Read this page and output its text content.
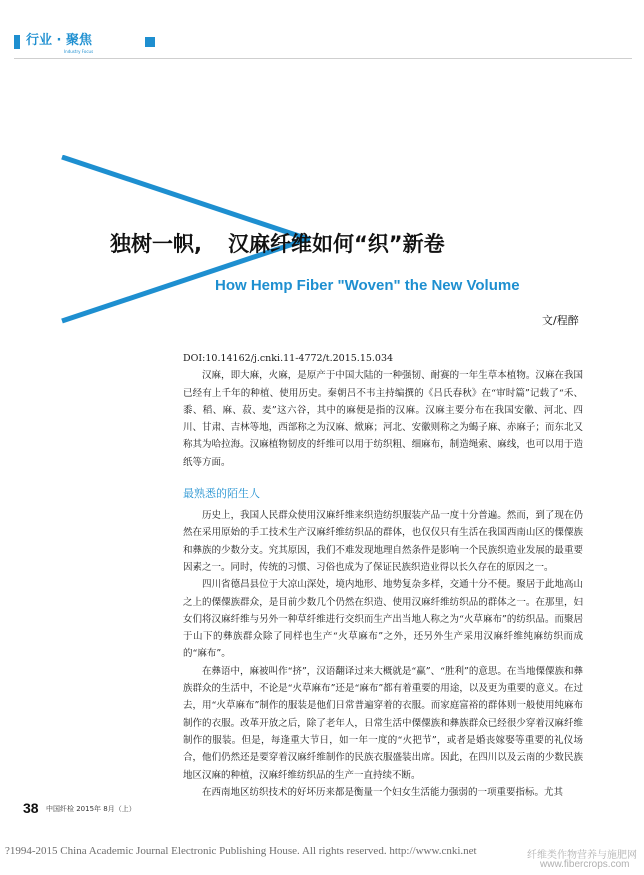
行业 · 聚焦
Industry Focus
独树一帜, 汉麻纤维如何“织”新卷
How Hemp Fiber "Woven" the New Volume
文/程醉
DOI:10.14162/j.cnki.11-4772/t.2015.15.034

汉麻，即大麻，火麻，是原产于中国大陆的一种强韧、耐赛的一年生草本植物。汉麻在我国已经有上千年的种植、使用历史。秦朝吕不韦主持编撰的《吕氏春秋》在“审时篇”记载了“禾、黍、稻、麻、菽、麦”这六谷，其中的麻便是指的汉麻。汉麻主要分布在我国安徽、河北、四川、甘肃、吉林等地，西部称之为汉麻、焮麻；河北、安徽则称之为蝎子麻、赤麻子；而东北又称其为哈拉海。汉麻植物韧皮的纤维可以用于纺织粗、细麻布，制造绳索、麻线，也可以用于造纸等方面。

最熟悉的陌生人

历史上，我国人民群众使用汉麻纤维来织造纺织服装产品一度十分普遍。然而，到了现在仍然在采用原始的手工技术生产汉麻纤维纺织品的群体，也仅仅只有生活在我国西南山区的傈僳族和彝族的少数分支。究其原因，我们不难发现地理自然条件是影响一个民族织造业发展的最重要因素之一。同时，传统的习惯、习俗也成为了保证民族织造业得以长久存在的原因之一。

四川省德昌县位于大凉山深处，境内地形、地势复杂多样，交通十分不便。聚居于此地高山之上的傈僳族群众，是目前少数几个仍然在织造、使用汉麻纤维纺织品的群体之一。在那里，妇女们将汉麻纤维与另外一种草纤维进行交织而生产出当地人称之为“火草麻布”的纺织品。而聚居于山下的彝族群众除了同样也生产“火草麻布”之外，还另外生产采用汉麻纤维纯麻纺织而成的“麻布”。

在彝语中，麻被叫作“挤”，汉语翻译过来大概就是“赢”、“胜利”的意思。在当地傈僳族和彝族群众的生活中，不论是“火草麻布”还是“麻布”都有着重要的用途，以及更为重要的意义。在过去，用“火草麻布”制作的服装是他们日常普遍穿着的衣服。而家庭富裕的群体则一般使用纯麻布制作的衣服。改革开放之后，除了老年人，日常生活中傈僳族和彝族群众已经很少穿着汉麻纤维制作的服装。但是，每逢重大节日，如一年一度的“火把节”，或者是婚丧嫁娶等重要的礼仪场合，他们仍然还是要穿着汉麻纤维制作的民族衣服盛装出席。因此，在四川以及云南的少数民族地区汉麻的种植，汉麻纤维纺织品的生产一直持续不断。

在西南地区纺织技术的好坏历来都是衡量一个妇女生活能力强弱的一项重要指标。尤其

38 中国纤检 2015年 8月（上）
?1994-2015 China Academic Journal Electronic Publishing House. All rights reserved. http://www.cnki.net	纤维类作物营养与施肥网
www.fibercrops.com
